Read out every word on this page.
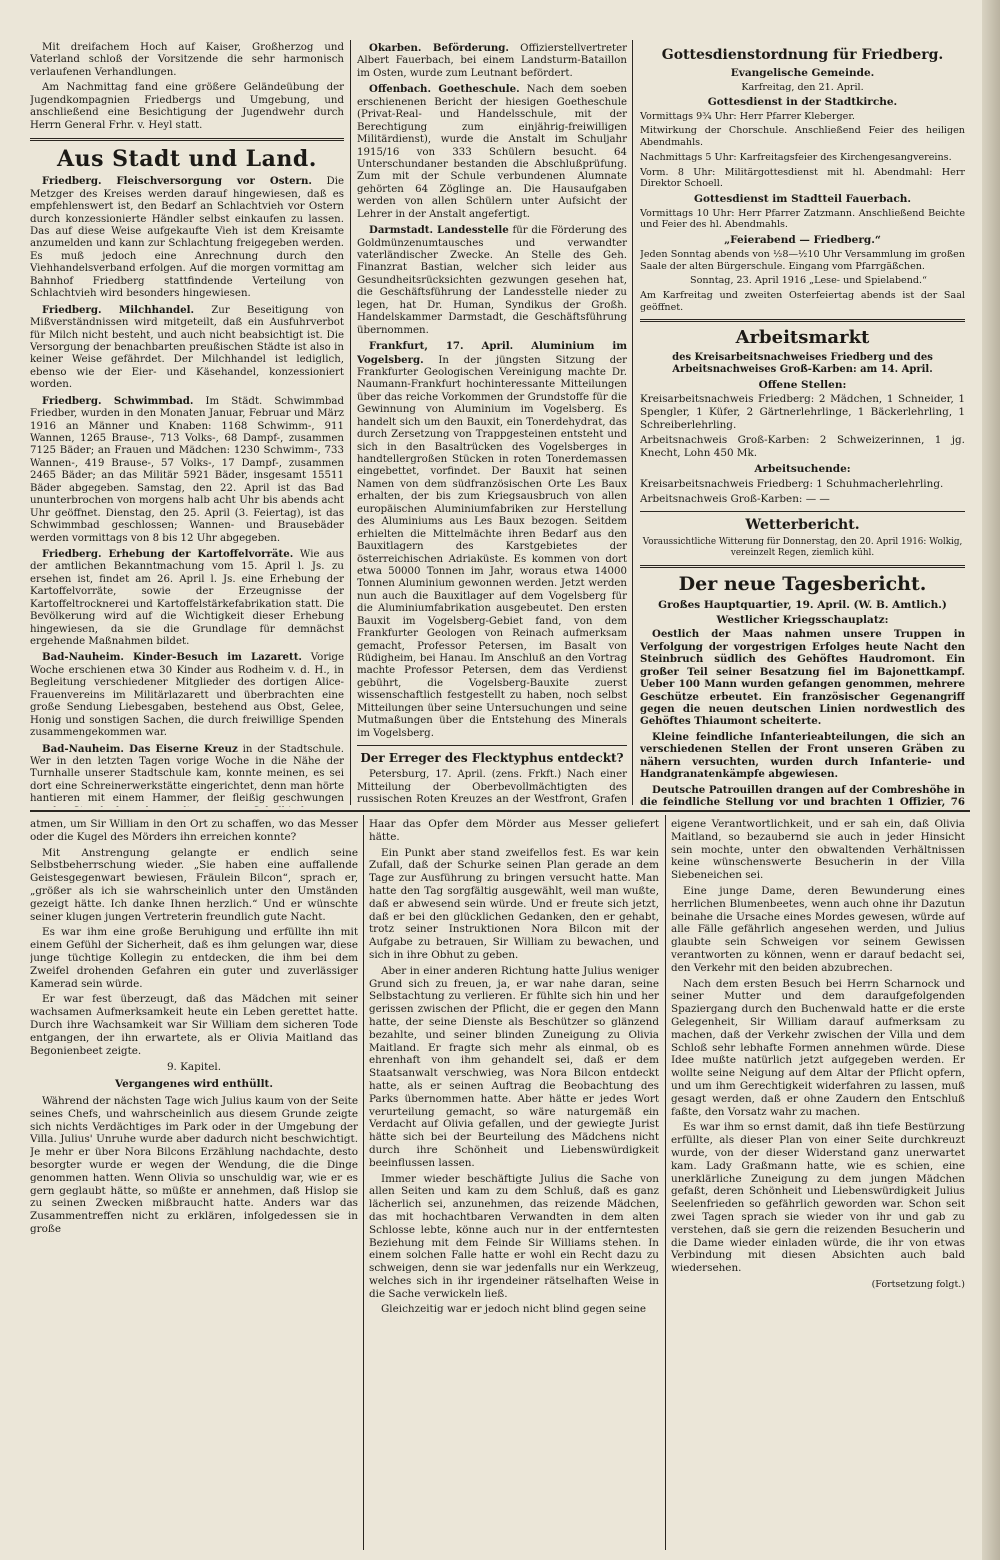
Mit dreifachem Hoch auf Kaiser, Großherzog und Vaterland schloß der Vorsitzende die sehr harmonisch verlaufenen Verhandlungen.

Am Nachmittag fand eine größere Geländeübung der Jugendkompagnien Friedbergs und Umgebung, und anschließend eine Besichtigung der Jugendwehr durch Herrn General Frhr. v. Heyl statt.

Aus Stadt und Land.

Friedberg. Fleischversorgung vor Ostern. Die Metzger des Kreises werden darauf hingewiesen, daß es empfehlenswert ist, den Bedarf an Schlachtvieh vor Ostern durch konzessionierte Händler selbst einkaufen zu lassen. Das auf diese Weise aufgekaufte Vieh ist dem Kreisamte anzumelden und kann zur Schlachtung freigegeben werden. Es muß jedoch eine Anrechnung durch den Viehhandelsverband erfolgen. Auf die morgen vormittag am Bahnhof Friedberg stattfindende Verteilung von Schlachtvieh wird besonders hingewiesen.

Friedberg. Milchhandel. Zur Beseitigung von Mißverständnissen wird mitgeteilt, daß ein Ausfuhrverbot für Milch nicht besteht, und auch nicht beabsichtigt ist. Die Versorgung der benachbarten preußischen Städte ist also in keiner Weise gefährdet. Der Milchhandel ist lediglich, ebenso wie der Eier- und Käsehandel, konzessioniert worden.

Friedberg. Schwimmbad. Im Städt. Schwimmbad Friedber, wurden in den Monaten Januar, Februar und März 1916 an Männer und Knaben: 1168 Schwimm-, 911 Wannen, 1265 Brause-, 713 Volks-, 68 Dampf-, zusammen 7125 Bäder; an Frauen und Mädchen: 1230 Schwimm-, 733 Wannen-, 419 Brause-, 57 Volks-, 17 Dampf-, zusammen 2465 Bäder; an das Militär 5921 Bäder, insgesamt 15511 Bäder abgegeben. Samstag, den 22. April ist das Bad ununterbrochen von morgens halb acht Uhr bis abends acht Uhr geöffnet. Dienstag, den 25. April (3. Feiertag), ist das Schwimmbad geschlossen; Wannen- und Brausebäder werden vormittags von 8 bis 12 Uhr abgegeben.

Friedberg. Erhebung der Kartoffelvorräte. Wie aus der amtlichen Bekanntmachung vom 15. April l. Js. zu ersehen ist, findet am 26. April l. Js. eine Erhebung der Kartoffelvorräte, sowie der Erzeugnisse der Kartoffeltrocknerei und Kartoffelstärkefabrikation statt. Die Bevölkerung wird auf die Wichtigkeit dieser Erhebung hingewiesen, da sie die Grundlage für demnächst ergehende Maßnahmen bildet.

Bad-Nauheim. Kinder-Besuch im Lazarett. Vorige Woche erschienen etwa 30 Kinder aus Rodheim v. d. H., in Begleitung verschiedener Mitglieder des dortigen Alice-Frauenvereins im Militärlazarett und überbrachten eine große Sendung Liebesgaben, bestehend aus Obst, Gelee, Honig und sonstigen Sachen, die durch freiwillige Spenden zusammengekommen war.

Bad-Nauheim. Das Eiserne Kreuz in der Stadtschule. Wer in den letzten Tagen vorige Woche in die Nähe der Turnhalle unserer Stadtschule kam, konnte meinen, es sei dort eine Schreinerwerkstätte eingerichtet, denn man hörte hantieren mit einem Hammer, der fleißig geschwungen

Okarben. Beförderung. Offizierstellvertreter Albert Fauerbach, bei einem Landsturm-Bataillon im Osten, wurde zum Leutnant befördert.

Offenbach. Goetheschule. Nach dem soeben erschienenen Bericht der hiesigen Goetheschule (Privat-Real- und Handelsschule, mit der Berechtigung zum einjährig-freiwilligen Militärdienst), wurde die Anstalt im Schuljahr 1915/16 von 333 Schülern besucht. 64 Unterschundaner bestanden die Abschlußprüfung. Zum mit der Schule verbundenen Alumnate gehörten 64 Zöglinge an. Die Hausaufgaben werden von allen Schülern unter Aufsicht der Lehrer in der Anstalt angefertigt.

Darmstadt. Landesstelle für die Förderung des Goldmünzenumtausches und verwandter vaterländischer Zwecke. An Stelle des Geh. Finanzrat Bastian, welcher sich leider aus Gesundheitsrücksichten gezwungen gesehen hat, die Geschäftsführung der Landesstelle nieder zu legen, hat Dr. Human, Syndikus der Großh. Handelskammer Darmstadt, die Geschäftsführung übernommen.

Frankfurt, 17. April. Aluminium im Vogelsberg. In der jüngsten Sitzung der Frankfurter Geologischen Vereinigung machte Dr. Naumann-Frankfurt hochinteressante Mitteilungen über das reiche Vorkommen der Grundstoffe für die Gewinnung von Aluminium im Vogelsberg. Es handelt sich um den Bauxit, ein Tonerdehydrat, das durch Zersetzung von Trappgesteinen entsteht und sich in den Basaltrücken des Vogelsberges in handtellergroßen Stücken in roten Tonerdemassen eingebettet, vorfindet. Der Bauxit hat seinen Namen von dem südfranzösischen Orte Les Baux erhalten, der bis zum Kriegsausbruch von allen europäischen Aluminiumfabriken zur Herstellung des Aluminiums aus Les Baux bezogen. Seitdem erhielten die Mittelmächte ihren Bedarf aus den Bauxitlagern des Karstgebietes der österreichischen Adriaküste. Es kommen von dort etwa 50000 Tonnen im Jahr, woraus etwa 14000 Tonnen Aluminium gewonnen werden. Jetzt werden nun auch die Bauxitlager auf dem Vogelsberg für die Aluminiumfabrikation ausgebeutet. Den ersten Bauxit im Vogelsberg-Gebiet fand, von dem Frankfurter Geologen von Reinach aufmerksam gemacht, Professor Petersen, im Basalt von Rüdigheim, bei Hanau. Im Anschluß an den Vortrag machte Professor Petersen, dem das Verdienst gebührt, die Vogelsberg-Bauxite zuerst wissenschaftlich festgestellt zu haben, noch selbst Mitteilungen über seine Untersuchungen und seine Mutmaßungen über die Entstehung des Minerals im Vogelsberg.

Der Erreger des Flecktyphus entdeckt?

Petersburg, 17. April. (zens. Frkft.) Nach einer Mitteilung der Oberbevollmächtigten des russischen Roten Kreuzes an der Westfront, Grafen

Gottesdienstordnung für Friedberg.
Evangelische Gemeinde.
Karfreitag, den 21. April.
Gottesdienst in der Stadtkirche.

Vormittags 9¾ Uhr: Herr Pfarrer Kleberger.

Mitwirkung der Chorschule. Anschließend Feier des heiligen Abendmahls.

Nachmittags 5 Uhr: Karfreitagsfeier des Kirchengesangvereins.

Vorm. 8 Uhr: Militärgottesdienst mit hl. Abendmahl: Herr Direktor Schoell.

Gottesdienst im Stadtteil Fauerbach.

Vormittags 10 Uhr: Herr Pfarrer Zatzmann. Anschließend Beichte und Feier des hl. Abendmahls.

„Feierabend — Friedberg.“

Jeden Sonntag abends von ½8—½10 Uhr Versammlung im großen Saale der alten Bürgerschule. Eingang vom Pfarrgäßchen.

Sonntag, 23. April 1916 „Lese- und Spielabend.“

Am Karfreitag und zweiten Osterfeiertag abends ist der Saal geöffnet.

Arbeitsmarkt
des Kreisarbeitsnachweises Friedberg und des Arbeitsnachweises Groß-Karben: am 14. April.
Offene Stellen:

Kreisarbeitsnachweis Friedberg: 2 Mädchen, 1 Schneider, 1 Spengler, 1 Küfer, 2 Gärtnerlehrlinge, 1 Bäckerlehrling, 1 Schreiberlehrling.

Arbeitsnachweis Groß-Karben: 2 Schweizerinnen, 1 jg. Knecht, Lohn 450 Mk.

Arbeitsuchende:

Kreisarbeitsnachweis Friedberg: 1 Schuhmacherlehrling.

Arbeitsnachweis Groß-Karben: — —

Wetterbericht.

Voraussichtliche Witterung für Donnerstag, den 20. April 1916: Wolkig, vereinzelt Regen, ziemlich kühl.

Der neue Tagesbericht.
Großes Hauptquartier, 19. April. (W. B. Amtlich.)
Westlicher Kriegsschauplatz:

Oestlich der Maas nahmen unsere Truppen in Verfolgung der vorgestrigen Erfolges heute Nacht den Steinbruch südlich des Gehöftes Haudromont. Ein großer Teil seiner Besatzung fiel im Bajonettkampf. Ueber 100 Mann wurden gefangen genommen, mehrere Geschütze erbeutet. Ein französischer Gegenangriff gegen die neuen deutschen Linien nordwestlich des Gehöftes Thiaumont scheiterte.

Kleine feindliche Infanterieabteilungen, die sich an verschiedenen Stellen der Front unseren Gräben zu nähern versuchten, wurden durch Infanterie- und Handgranatenkämpfe abgewiesen.

Deutsche Patrouillen drangen auf der Combreshöhe in die feindliche Stellung vor und brachten 1 Offizier, 76

atmen, um Sir William in den Ort zu schaffen, wo das Messer oder die Kugel des Mörders ihn erreichen konnte?

Mit Anstrengung gelangte er endlich seine Selbstbeherrschung wieder. „Sie haben eine auffallende Geistesgegenwart bewiesen, Fräulein Bilcon“, sprach er, „größer als ich sie wahrscheinlich unter den Umständen gezeigt hätte. Ich danke Ihnen herzlich.“ Und er wünschte seiner klugen jungen Vertreterin freundlich gute Nacht.

Es war ihm eine große Beruhigung und erfüllte ihn mit einem Gefühl der Sicherheit, daß es ihm gelungen war, diese junge tüchtige Kollegin zu entdecken, die ihm bei dem Zweifel drohenden Gefahren ein guter und zuverlässiger Kamerad sein würde.

Er war fest überzeugt, daß das Mädchen mit seiner wachsamen Aufmerksamkeit heute ein Leben gerettet hatte. Durch ihre Wachsamkeit war Sir William dem sicheren Tode entgangen, der ihn erwartete, als er Olivia Maitland das Begonienbeet zeigte.

9. Kapitel.
Vergangenes wird enthüllt.

Während der nächsten Tage wich Julius kaum von der Seite seines Chefs, und wahrscheinlich aus diesem Grunde zeigte sich nichts Verdächtiges im Park oder in der Umgebung der Villa. Julius' Unruhe wurde aber dadurch nicht beschwichtigt. Je mehr er über Nora Bilcons Erzählung nachdachte, desto besorgter wurde er wegen der Wendung, die die Dinge genommen hatten. Wenn Olivia so unschuldig war, wie er es gern geglaubt hätte, so müßte er annehmen, daß Hislop sie zu seinen Zwecken mißbraucht hatte. Anders war das Zusammentreffen nicht zu erklären, infolgedessen sie in große

Haar das Opfer dem Mörder aus Messer geliefert hätte.

Ein Punkt aber stand zweifellos fest. Es war kein Zufall, daß der Schurke seinen Plan gerade an dem Tage zur Ausführung zu bringen versucht hatte. Man hatte den Tag sorgfältig ausgewählt, weil man wußte, daß er abwesend sein würde. Und er freute sich jetzt, daß er bei den glücklichen Gedanken, den er gehabt, trotz seiner Instruktionen Nora Bilcon mit der Aufgabe zu betrauen, Sir William zu bewachen, und sich in ihre Obhut zu geben.

Aber in einer anderen Richtung hatte Julius weniger Grund sich zu freuen, ja, er war nahe daran, seine Selbstachtung zu verlieren. Er fühlte sich hin und her gerissen zwischen der Pflicht, die er gegen den Mann hatte, der seine Dienste als Beschützer so glänzend bezahlte, und seiner blinden Zuneigung zu Olivia Maitland. Er fragte sich mehr als einmal, ob es ehrenhaft von ihm gehandelt sei, daß er dem Staatsanwalt verschwieg, was Nora Bilcon entdeckt hatte, als er seinen Auftrag die Beobachtung des Parks übernommen hatte. Aber hätte er jedes Wort verurteilung gemacht, so wäre naturgemäß ein Verdacht auf Olivia gefallen, und der gewiegte Jurist hätte sich bei der Beurteilung des Mädchens nicht durch ihre Schönheit und Liebenswürdigkeit beeinflussen lassen.

Immer wieder beschäftigte Julius die Sache von allen Seiten und kam zu dem Schluß, daß es ganz lächerlich sei, anzunehmen, das reizende Mädchen, das mit hochachtbaren Verwandten in dem alten Schlosse lebte, könne auch nur in der entferntesten Beziehung mit dem Feinde Sir Williams stehen. In einem solchen Falle hatte er wohl ein Recht dazu zu schweigen, denn sie war jedenfalls nur ein Werkzeug, welches sich in ihr irgendeiner rätselhaften Weise in die Sache verwickeln ließ.

Gleichzeitig war er jedoch nicht blind gegen seine

eigene Verantwortlichkeit, und er sah ein, daß Olivia Maitland, so bezaubernd sie auch in jeder Hinsicht sein mochte, unter den obwaltenden Verhältnissen keine wünschenswerte Besucherin in der Villa Siebeneichen sei.

Eine junge Dame, deren Bewunderung eines herrlichen Blumenbeetes, wenn auch ohne ihr Dazutun beinahe die Ursache eines Mordes gewesen, würde auf alle Fälle gefährlich angesehen werden, und Julius glaubte sein Schweigen vor seinem Gewissen verantworten zu können, wenn er darauf bedacht sei, den Verkehr mit den beiden abzubrechen.

Nach dem ersten Besuch bei Herrn Scharnock und seiner Mutter und dem daraufgefolgenden Spaziergang durch den Buchenwald hatte er die erste Gelegenheit, Sir William darauf aufmerksam zu machen, daß der Verkehr zwischen der Villa und dem Schloß sehr lebhafte Formen annehmen würde. Diese Idee mußte natürlich jetzt aufgegeben werden. Er wollte seine Neigung auf dem Altar der Pflicht opfern, und um ihm Gerechtigkeit widerfahren zu lassen, muß gesagt werden, daß er ohne Zaudern den Entschluß faßte, den Vorsatz wahr zu machen.

Es war ihm so ernst damit, daß ihn tiefe Bestürzung erfüllte, als dieser Plan von einer Seite durchkreuzt wurde, von der dieser Widerstand ganz unerwartet kam. Lady Graßmann hatte, wie es schien, eine unerklärliche Zuneigung zu dem jungen Mädchen gefaßt, deren Schönheit und Liebenswürdigkeit Julius Seelenfrieden so gefährlich geworden war. Schon seit zwei Tagen sprach sie wieder von ihr und gab zu verstehen, daß sie gern die reizenden Besucherin und die Dame wieder einladen würde, die ihr von etwas Verbindung mit diesen Absichten auch bald wiedersehen.

(Fortsetzung folgt.)
